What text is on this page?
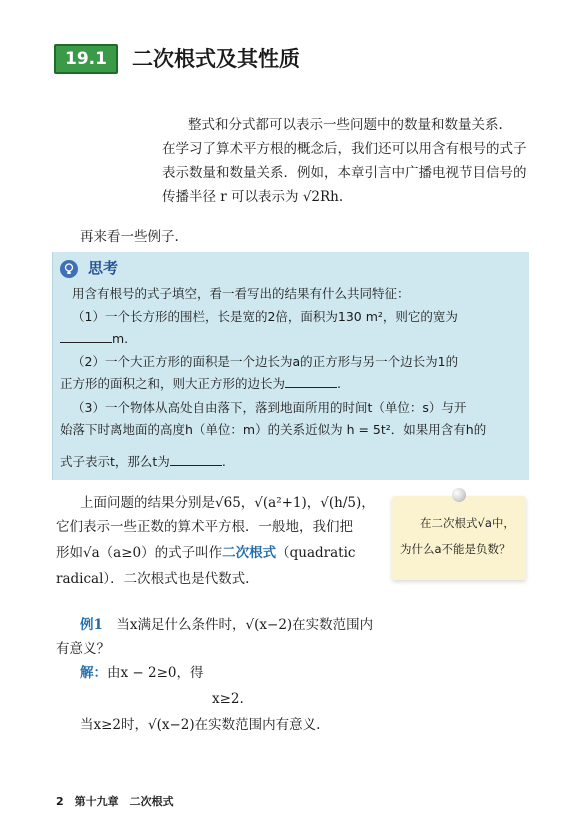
19.1	二次根式及其性质
整式和分式都可以表示一些问题中的数量和数量关系.
在学习了算术平方根的概念后，我们还可以用含有根号的式子
表示数量和数量关系．例如，本章引言中广播电视节目信号的
传播半径 r 可以表示为 √2Rh.
再来看一些例子.
思考
用含有根号的式子填空，看一看写出的结果有什么共同特征：
（1）一个长方形的围栏，长是宽的2倍，面积为130 m²，则它的宽为
m.
（2）一个大正方形的面积是一个边长为a的正方形与另一个边长为1的
正方形的面积之和，则大正方形的边长为	.
（3）一个物体从高处自由落下，落到地面所用的时间t（单位：s）与开
始落下时离地面的高度h（单位：m）的关系近似为 h = 5t²．如果用含有h的
式子表示t，那么t为	.
上面问题的结果分别是√65，√(a²+1)，√(h/5)，
它们表示一些正数的算术平方根．一般地，我们把
形如√a（a≥0）的式子叫作二次根式（quadratic
radical）．二次根式也是代数式.
在二次根式√a中，
为什么a不能是负数？
例1　 当x满足什么条件时，√(x−2)在实数范围内
有意义？
解：由x − 2≥0，得
x≥2.
当x≥2时，√(x−2)在实数范围内有意义.
2　 第十九章　二次根式
